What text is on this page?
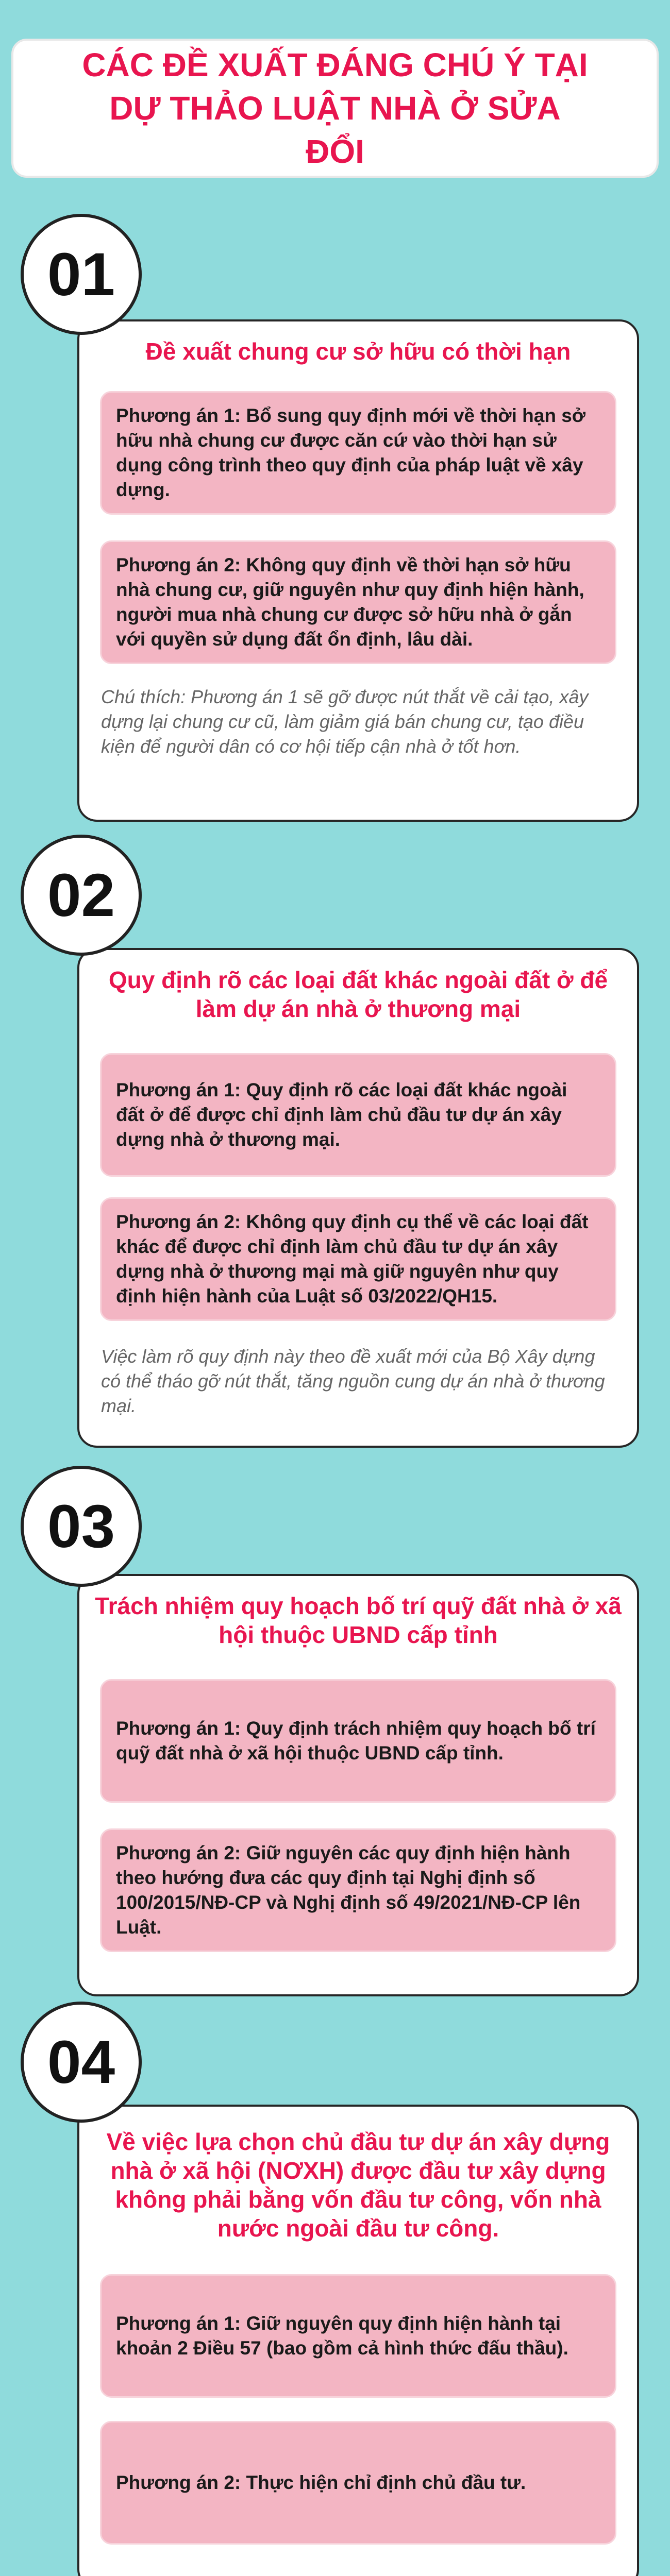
CÁC ĐỀ XUẤT ĐÁNG CHÚ Ý TẠI DỰ THẢO LUẬT NHÀ Ở SỬA ĐỔI
01
Đề xuất chung cư sở hữu có thời hạn
Phương án 1: Bổ sung quy định mới về thời hạn sở hữu nhà chung cư được căn cứ vào thời hạn sử dụng công trình theo quy định của pháp luật về xây dựng.
Phương án 2: Không quy định về thời hạn sở hữu nhà chung cư, giữ nguyên như quy định hiện hành, người mua nhà chung cư được sở hữu nhà ở gắn với quyền sử dụng đất ổn định, lâu dài.
Chú thích: Phương án 1 sẽ gỡ được nút thắt về cải tạo, xây dựng lại chung cư cũ, làm giảm giá bán chung cư, tạo điều kiện để người dân có cơ hội tiếp cận nhà ở tốt hơn.
02
Quy định rõ các loại đất khác ngoài đất ở để làm dự án nhà ở thương mại
Phương án 1: Quy định rõ các loại đất khác ngoài đất ở để được chỉ định làm chủ đầu tư dự án xây dựng nhà ở thương mại.
Phương án 2: Không quy định cụ thể về các loại đất khác để được chỉ định làm chủ đầu tư dự án xây dựng nhà ở thương mại mà giữ nguyên như quy định hiện hành của Luật số 03/2022/QH15.
Việc làm rõ quy định này theo đề xuất mới của Bộ Xây dựng có thể tháo gỡ nút thắt, tăng nguồn cung dự án nhà ở thương mại.
03
Trách nhiệm quy hoạch bố trí quỹ đất nhà ở xã hội thuộc UBND cấp tỉnh
Phương án 1: Quy định trách nhiệm quy hoạch bố trí quỹ đất nhà ở xã hội thuộc UBND cấp tỉnh.
Phương án 2: Giữ nguyên các quy định hiện hành theo hướng đưa các quy định tại Nghị định số 100/2015/NĐ-CP và Nghị định số 49/2021/NĐ-CP lên Luật.
04
Về việc lựa chọn chủ đầu tư dự án xây dựng nhà ở xã hội (NƠXH) được đầu tư xây dựng không phải bằng vốn đầu tư công, vốn nhà nước ngoài đầu tư công.
Phương án 1: Giữ nguyên quy định hiện hành tại khoản 2 Điều 57 (bao gồm cả hình thức đấu thầu).
Phương án 2: Thực hiện chỉ định chủ đầu tư.
